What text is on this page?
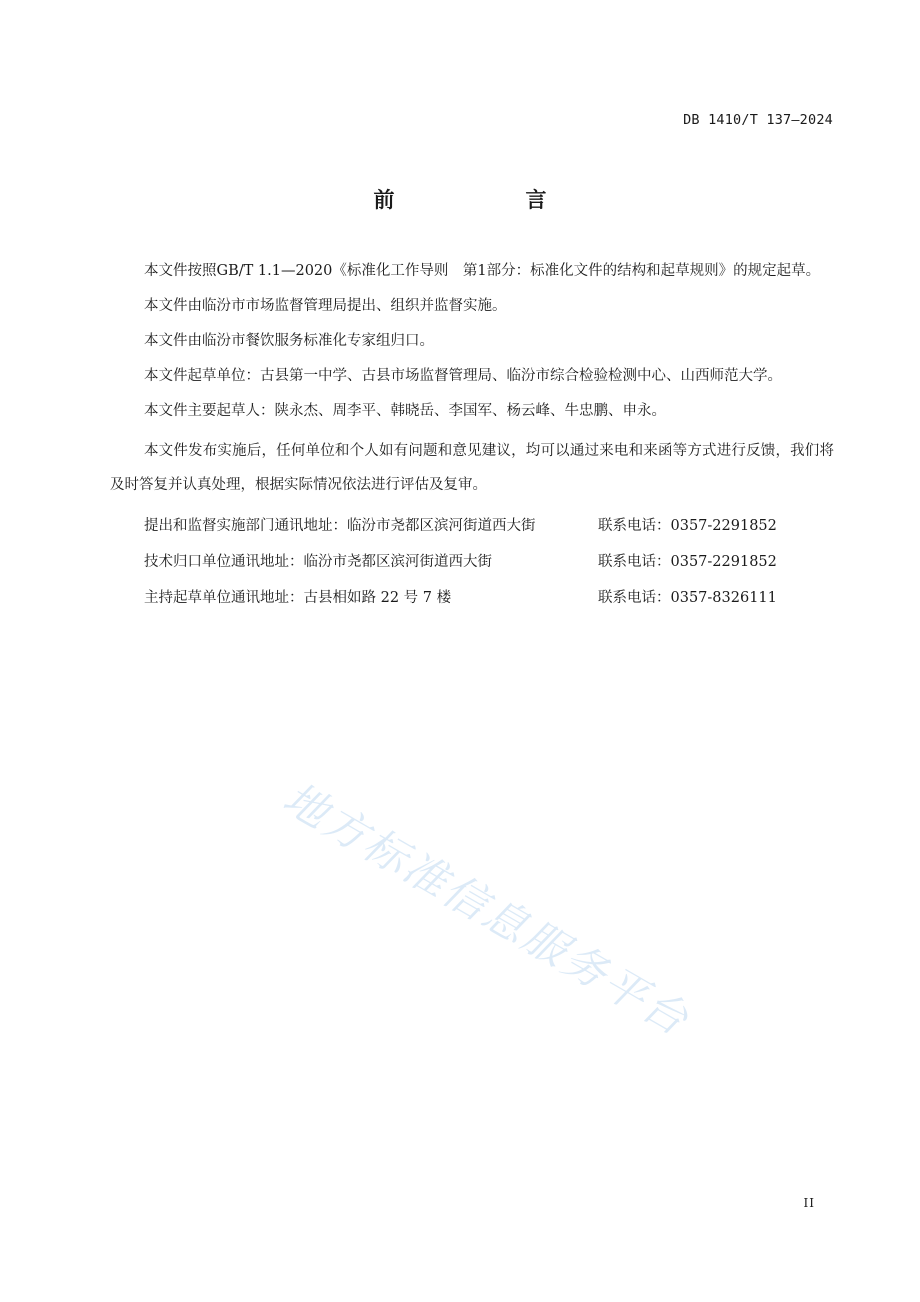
DB 1410/T 137—2024
前　言

本文件按照GB/T 1.1—2020《标准化工作导则　第1部分：标准化文件的结构和起草规则》的规定起草。

本文件由临汾市市场监督管理局提出、组织并监督实施。

本文件由临汾市餐饮服务标准化专家组归口。

本文件起草单位：古县第一中学、古县市场监督管理局、临汾市综合检验检测中心、山西师范大学。

本文件主要起草人：陕永杰、周李平、韩晓岳、李国军、杨云峰、牛忠鹏、申永。

本文件发布实施后，任何单位和个人如有问题和意见建议，均可以通过来电和来函等方式进行反馈，我们将及时答复并认真处理，根据实际情况依法进行评估及复审。

提出和监督实施部门通讯地址：临汾市尧都区滨河街道西大街	联系电话：0357-2291852
技术归口单位通讯地址：临汾市尧都区滨河街道西大街	联系电话：0357-2291852
主持起草单位通讯地址：古县相如路 22 号 7 楼	联系电话：0357-8326111
地方标准信息服务平台
II
